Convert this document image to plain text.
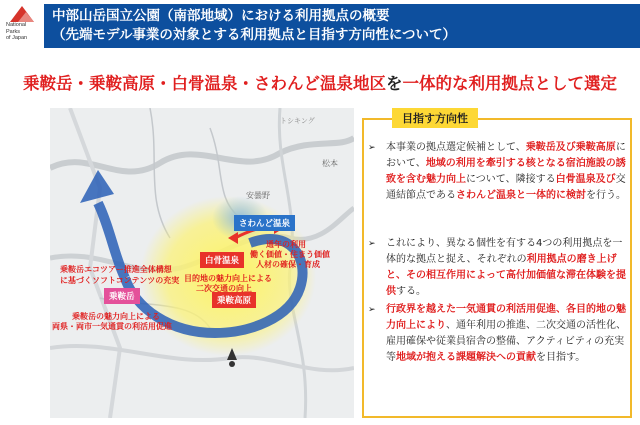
National
Parks
of Japan
中部山岳国立公園（南部地域）における利用拠点の概要
（先端モデル事業の対象とする利用拠点と目指す方向性について）
乗鞍岳・乗鞍高原・白骨温泉・さわんど温泉地区を一体的な利用拠点として選定
安曇野
松本
トシキング
さわんど温泉
白骨温泉
乗鞍高原
乗鞍岳
乗鞍岳エコツアー推進全体構想
に基づくソフトコンテンツの充実
通年の利用
働く価値・住まう価値
人材の確保・育成
目的地の魅力向上による
二次交通の向上
乗鞍岳の魅力向上による
両県・両市一気通貫の利活用促進
目指す方向性
➢	本事業の拠点選定候補として、乗鞍岳及び乗鞍高原において、地域の利用を牽引する核となる宿泊施設の誘致を含む魅力向上について、隣接する白骨温泉及び交通結節点であるさわんど温泉と一体的に検討を行う。
➢	これにより、異なる個性を有する4つの利用拠点を一体的な拠点と捉え、それぞれの利用拠点の磨き上げと、その相互作用によって高付加価値な滞在体験を提供する。
➢	行政界を越えた一気通貫の利活用促進、各目的地の魅力向上により、通年利用の推進、二次交通の活性化、雇用確保や従業員宿舎の整備、アクティビティの充実等地域が抱える課題解決への貢献を目指す。
